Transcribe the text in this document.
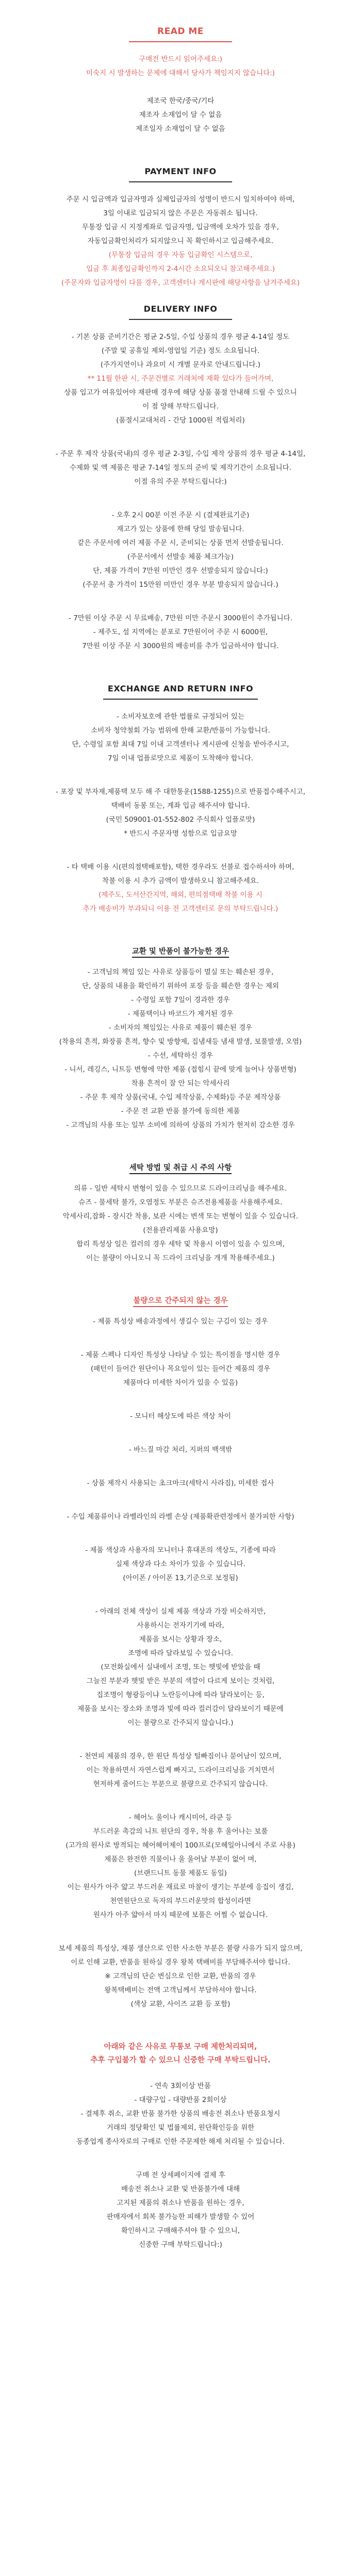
READ ME

구매전 반드시 읽어주세요:)

미숙지 시 발생하는 문제에 대해서 당사가 책임지지 않습니다:)

제조국 한국/중국/기타

제조자 소재업이 달 수 없음

제조일자 소재업이 달 수 없음

PAYMENT INFO

주문 시 입금액과 입금자명과 실제입금자의 성명이 반드시 일치하여야 하며,

3일 이내로 입금되지 않은 주문은 자동취소 됩니다.

무통장 입금 시 지정계좌로 입금자명, 입금액에 오차가 있을 경우,

자동입금확인처리가 되지않으니 꼭 확인하시고 입금해주세요.

(무통장 입금의 경우 자동 입금확인 시스템으로,

입금 후 최종입금확인까지 2-4시간 소요되오니 참고해주세요.)

(주문자와 입금자명이 다를 경우, 고객센터나 게시판에 해당사항을 남겨주세요)

DELIVERY INFO

- 기본 상품 준비기간은 평균 2-5일, 수입 상품의 경우 평균 4-14일 정도

(주말 및 공휴일 제외-영업일 기준) 정도 소요됩니다.

(주가지연이나 과요미 시 개별 문자로 안내드립니다.)

** 11월 한판 시, 주문건별로 거래처에 재확 있다가 들어가며,

상품 입고가 여유있어야 재판매 경우에 해당 상품 품절 안내해 드릴 수 있으니

이 점 양해 부탁드립니다.

(품절시교대처리 - 간당 1000원 적립처리)

- 주문 후 제작 상품(국내)의 경우 평균 2-3일, 수입 제작 상품의 경우 평균 4-14일,

수제화 및 액 제품은 평균 7-14일 정도의 준비 및 제작기간이 소요됩니다.

이점 유의 주문 부탁드립니다:)

- 오후 2시 00분 이전 주문 시 (결제완료기준)

재고가 있는 상품에 한해 당일 발송됩니다.

같은 주문서에 여러 제품 주문 시, 준비되는 상품 먼저 선발송됩니다.

(주문서에서 선발송 체품 체크가능)

단, 제품 가격이 7만원 미만인 경우 선발송되지 않습니다:)

(주문서 총 가격이 15만원 미만인 경우 부분 발송되지 않습니다.)

- 7만원 이상 주문 시 무료배송, 7만원 미만 주문시 3000원이 추가됩니다.

- 제주도, 섬 지역에는 분포로 7만원이어 주문 시 6000원,

7만원 이상 주문 시 3000원의 배송비를 추가 입금하셔야 합니다.

EXCHANGE AND RETURN INFO

- 소비자보호에 관한 법률로 규정되어 있는

소비자 청약철회 가능 범위에 한해 교환/반품이 가능합니다.

단, 수령일 포함 최대 7일 이내 고객센터나 게시판에 신청을 받아주시고,

7일 이내 업플로맛으로 제품이 도착해야 합니다.

- 포장 및 부자재,제품택 모두 해 주 대한통운(1588-1255)으로 반품접수해주시고,

택배비 동봉 또는, 계좌 입금 해주셔야 합니다.

(국민 509001-01-552-802 주식회사 업플로맛)

* 반드시 주문자명 성함으로 입금요망

- 타 택배 이용 시(편의점택배포함), 택한 경우라도 선불로 접수하셔야 하며,

착불 이용 시 추가 금액이 발생하오니 참고해주세요.

(제주도, 도서산간지역, 해외, 편의점택배 착불 이용 시

추가 배송비가 부과되니 이용 전 고객센터로 문의 부탁드립니다.)

교환 및 반품이 불가능한 경우

- 고객님의 책임 있는 사유로 상품등이 멸실 또는 훼손된 경우,

단, 상품의 내용을 확인하기 위하여 포장 등을 훼손한 경우는 제외

- 수령일 포함 7일이 경과한 경우

- 제품택이나 바코드가 제거된 경우

- 소비자의 책임있는 사유로 제품이 훼손된 경우

(착용의 흔적, 화장품 흔적, 향수 및 방향제, 집냄새등 냄새 발생, 보풀발생, 오염)

- 수선, 세탁하신 경우

- 니서, 레깅스, 니트등 변형에 약한 제품 (접힘시 끝에 맞게 늘어나 상품변형)

착용 흔적이 잘 안 되는 악세사리

- 주문 후 제작 상품(국내, 수입 제작상품, 수제화)등 주문 제작상품

- 주문 전 교환 반품 불가에 동의한 제품

- 고객님의 사용 또는 일부 소비에 의하여 상품의 가치가 현저히 감소한 경우

세탁 방법 및 취급 시 주의 사항

의류 - 일반 세탁시 변형이 있을 수 있으므로 드라이크리닝을 해주세요.

슈즈 - 물세탁 불가, 오염정도 부분은 슈즈전용제품을 사용해주세요.

악세사리,잡화 - 장시간 착용, 보관 시에는 변색 또는 변형이 있을 수 있습니다.

(전용관리제품 사용요망)

합리 특성상 일은 컬러의 경우 세탁 및 착용시 이염이 있을 수 있으며,

이는 불량이 아니오니 꼭 드라이 크리닝을 개개 착용해주세요.)

불량으로 간주되지 않는 경우

- 제품 특성상 배송과정에서 생길수 있는 구김이 있는 경우

- 제품 스펙나 디자인 특성상 나타날 수 있는 특이점을 명시한 경우

(패턴이 들어간 원단이나 목요일이 있는 들어간 제품의 경우

제품마다 미세한 차이가 있을 수 있음)

- 모니터 해상도에 따른 색상 차이

- 바느질 마감 처리, 지퍼의 백색밖

- 상품 제작시 사용되는 초크마크(세탁시 사라짐), 미세한 접사

- 수입 제품류이나 라벨라인의 라벨 손상 (제품확관련정에서 불가피한 사항)

- 제품 색상과 사용자의 모니터나 휴대폰의 색상도, 기종에 따라

실제 색상과 다소 차이가 있을 수 있습니다.

(아이폰 / 아이폰 13,기준으로 보정됨)

- 아래의 전체 색상이 실제 제품 색상과 가장 비슷하지만,

사용하시는 전자기기에 따라,

제품을 보시는 상황과 장소,

조명에 따라 달라보일 수 있습니다.

(모전화실에서 실내에서 조명, 또는 햇빛에 받았을 때

그늘진 부분과 햇빛 받은 부분의 색깔이 다르게 보이는 것처럼,

집조명이 형광등이냐 노란등이냐에 따라 달라보이는 등,

제품을 보시는 장소와 조명과 빛에 따라 컬러감이 달라보이기 때문에

이는 불량으로 간주되지 않습니다.)

- 천연피 제품의 경우, 한 원단 특성상 털빠짐이나 묻어남이 있으며,

이는 착용하면서 자연스럽게 빠지고, 드라이크리닝을 거치면서

현저하게 줄어드는 부분으로 불량으로 간주되지 않습니다.

- 헤어노 울이나 캐시미어, 라쿤 등

부드러운 촉감의 니트 원단의 경우, 착용 후 울어나는 보풀

(고가의 원사로 방적되는 헤어헤어제이 100프로(모헤일아니에서 주로 사용)

제품은 완전한 직물이나 울 울어날 부분이 없어 며,

(브랜드니트 동물 제품도 동일)

이는 원사가 아주 얇고 부드러운 재료로 마찰이 생기는 부분에 응집이 생김,

천연원단으로 독자의 부드러운맛의 합성이라면

원사가 아주 얇아서 마지 때문에 보풀은 어쩔 수 없습니다.

보세 제품의 특성상, 재봉 생산으로 인한 사소한 부분은 불량 사유가 되지 않으며,

이로 인해 교환, 반품을 원하실 경우 왕복 택배비를 부담해주셔야 합니다.

※ 고객님의 단순 변심으로 인한 교환, 반품의 경우

왕복택배비는 전액 고객님께서 부담하셔야 합니다.

(색상 교환, 사이즈 교환 등 포함)

아래와 같은 사유로 무통보 구매 제한처리되며,

추후 구입불가 할 수 있으니 신중한 구매 부탁드립니다.

- 연속 3회이상 반품

- 대량구입 - 대량반품 2회이상

- 결제후 취소, 교환 반품 불가한 상품의 배송전 취소나 반품요청시

거래의 정당확인 및 법률제외, 원단확인등을 위한

동종업계 종사자로의 구매로 인한 주문제한 해제 처리될 수 있습니다.

구매 전 상세페이지에 결제 후

배송전 취소나 교환 및 반품불가에 대해

고지된 제품의 취소나 반품을 원하는 경우,

판매자에서 회복 불가능한 피해가 발생할 수 있어

확인하시고 구매해주셔야 할 수 있으니,

신중한 구매 부탁드립니다:)
